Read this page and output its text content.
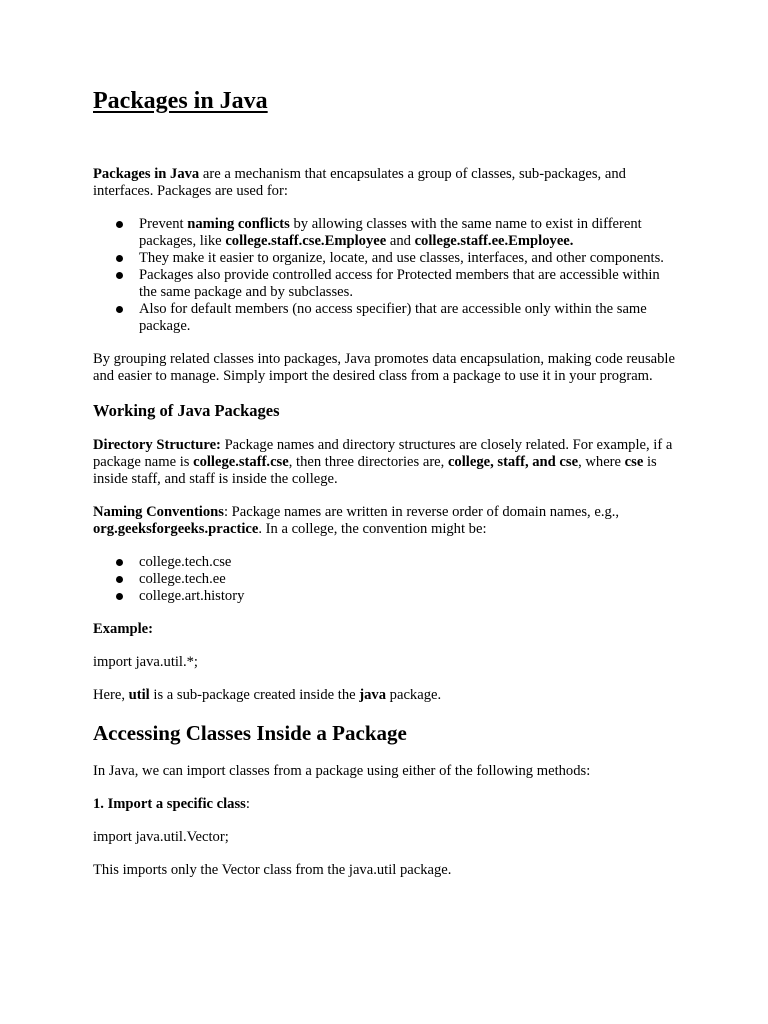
Packages in Java

Packages in Java are a mechanism that encapsulates a group of classes, sub-packages, and interfaces. Packages are used for:

Prevent naming conflicts by allowing classes with the same name to exist in different packages, like college.staff.cse.Employee and college.staff.ee.Employee.
They make it easier to organize, locate, and use classes, interfaces, and other components.
Packages also provide controlled access for Protected members that are accessible within the same package and by subclasses.
Also for default members (no access specifier) that are accessible only within the same package.

By grouping related classes into packages, Java promotes data encapsulation, making code reusable and easier to manage. Simply import the desired class from a package to use it in your program.

Working of Java Packages

Directory Structure: Package names and directory structures are closely related. For example, if a package name is college.staff.cse, then three directories are, college, staff, and cse, where cse is inside staff, and staff is inside the college.

Naming Conventions: Package names are written in reverse order of domain names, e.g., org.geeksforgeeks.practice. In a college, the convention might be:

college.tech.cse
college.tech.ee
college.art.history

Example:

import java.util.*;

Here, util is a sub-package created inside the java package.

Accessing Classes Inside a Package

In Java, we can import classes from a package using either of the following methods:

1. Import a specific class:

import java.util.Vector;

This imports only the Vector class from the java.util package.
